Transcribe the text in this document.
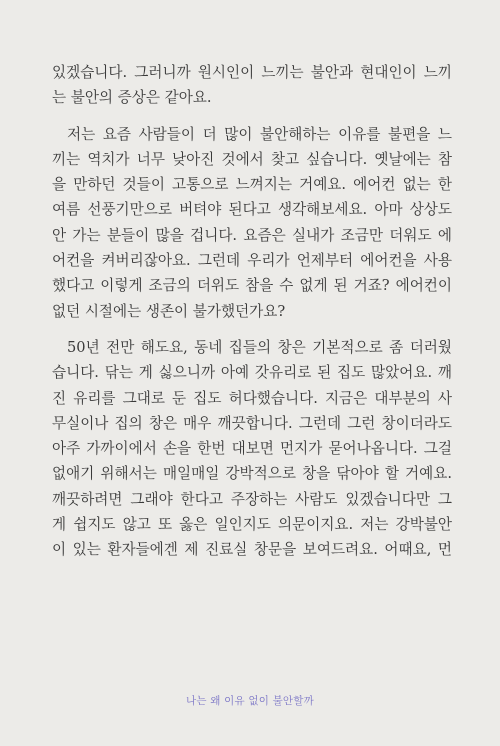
있겠습니다. 그러니까 원시인이 느끼는 불안과 현대인이 느끼
는 불안의 증상은 같아요.
저는 요즘 사람들이 더 많이 불안해하는 이유를 불편을 느
끼는 역치가 너무 낮아진 것에서 찾고 싶습니다. 옛날에는 참
을 만하던 것들이 고통으로 느껴지는 거예요. 에어컨 없는 한
여름 선풍기만으로 버텨야 된다고 생각해보세요. 아마 상상도
안 가는 분들이 많을 겁니다. 요즘은 실내가 조금만 더워도 에
어컨을 켜버리잖아요. 그런데 우리가 언제부터 에어컨을 사용
했다고 이렇게 조금의 더위도 참을 수 없게 된 거죠? 에어컨이
없던 시절에는 생존이 불가했던가요?
50년 전만 해도요, 동네 집들의 창은 기본적으로 좀 더러웠
습니다. 닦는 게 싫으니까 아예 갓유리로 된 집도 많았어요. 깨
진 유리를 그대로 둔 집도 허다했습니다. 지금은 대부분의 사
무실이나 집의 창은 매우 깨끗합니다. 그런데 그런 창이더라도
아주 가까이에서 손을 한번 대보면 먼지가 묻어나옵니다. 그걸
없애기 위해서는 매일매일 강박적으로 창을 닦아야 할 거예요.
깨끗하려면 그래야 한다고 주장하는 사람도 있겠습니다만 그
게 쉽지도 않고 또 옳은 일인지도 의문이지요. 저는 강박불안
이 있는 환자들에겐 제 진료실 창문을 보여드려요. 어때요, 먼
나는 왜 이유 없이 불안할까
